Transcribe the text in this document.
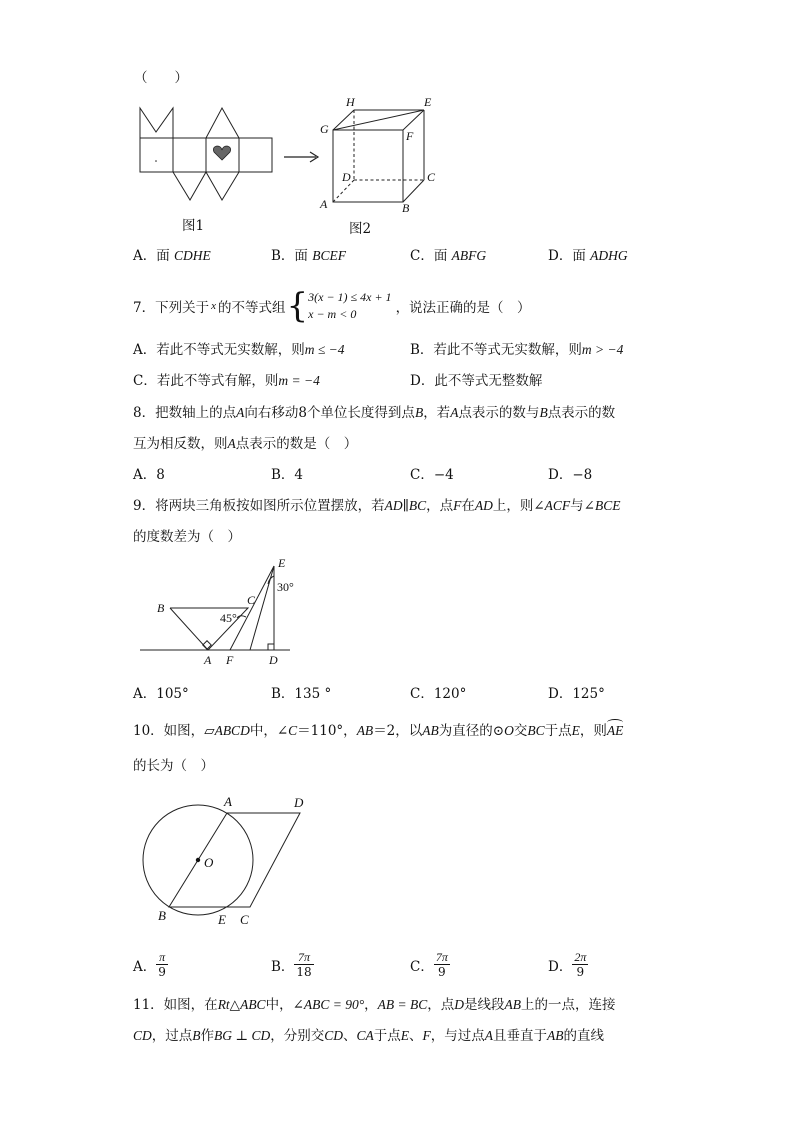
（　　）
图1
H	E
G	F
D	C
A	B
图2
A．面 CDHE	B．面 BCEF	C．面 ABFG	D．面 ADHG
7．下列关于 x 的不等式组 { 3(x − 1) ≤ 4x + 1
x − m < 0	，说法正确的是（　）
A．若此不等式无实数解，则m ≤ −4	B．若此不等式无实数解，则m > −4
C．若此不等式有解，则m = −4	D．此不等式无整数解
8．把数轴上的点A向右移动8个单位长度得到点B，若A点表示的数与B点表示的数
互为相反数，则A点表示的数是（　）
A．8	B．4	C．−4	D．−8
9．将两块三角板按如图所示位置摆放，若AD∥BC，点F在AD上，则∠ACF与∠BCE
的度数差为（　）
E
30°
C
B
45°
A F	D
A．105°	B．135 °	C．120°	D．125°
10．如图，▱ABCD中，∠C＝110°，AB＝2，以AB为直径的⊙O交BC于点E，则
AE
的长为（　）
A	D
O
B	E C
A． $\frac{\pi}{9}$	B． $\frac{7\pi}{18}$	C． $\frac{7\pi}{9}$	D． $\frac{2\pi}{9}$
11．如图，在Rt△ABC中，∠ABC = 90°，AB = BC，点D是线段AB上的一点，连接
CD，过点B作BG ⊥ CD，分别交CD、CA于点E、F，与过点A且垂直于AB的直线
